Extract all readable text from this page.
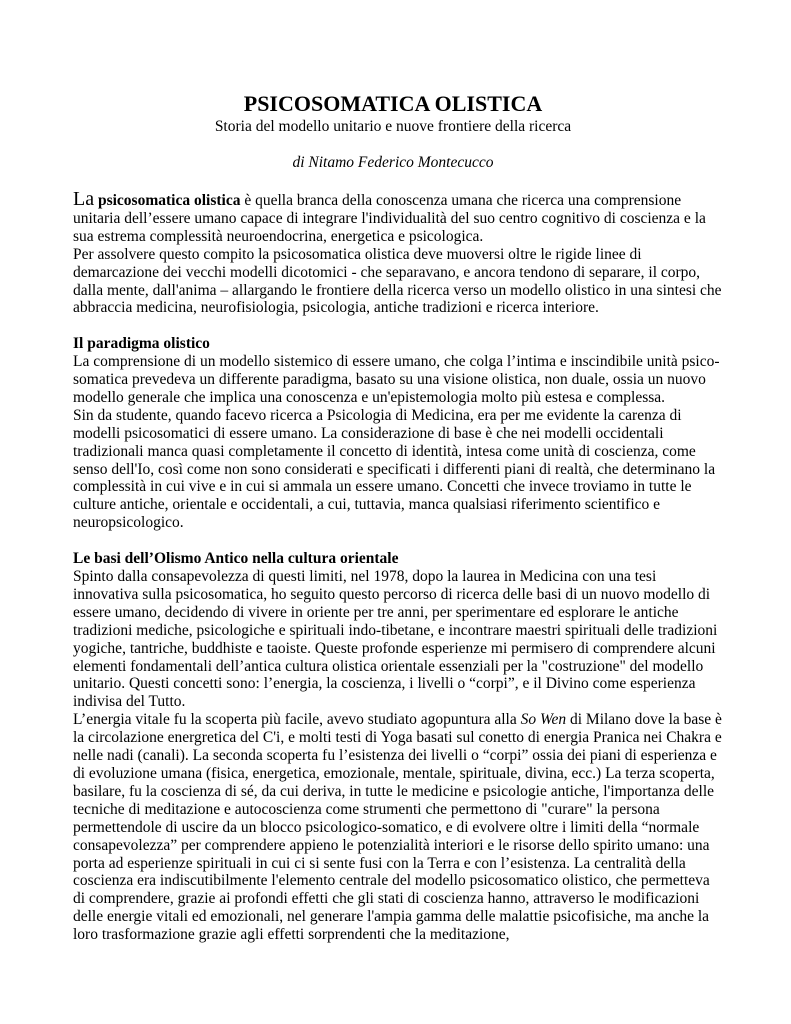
PSICOSOMATICA OLISTICA

Storia del modello unitario e nuove frontiere della ricerca

di Nitamo Federico Montecucco

La psicosomatica olistica è quella branca della conoscenza umana che ricerca una comprensione unitaria dell’essere umano capace di integrare l'individualità del suo centro cognitivo di coscienza e la sua estrema complessità neuroendocrina, energetica e psicologica.

Per assolvere questo compito la psicosomatica olistica deve muoversi oltre le rigide linee di demarcazione dei vecchi modelli dicotomici - che separavano, e ancora tendono di separare, il corpo, dalla mente, dall'anima – allargando le frontiere della ricerca verso un modello olistico in una sintesi che abbraccia medicina, neurofisiologia, psicologia, antiche tradizioni e ricerca interiore.

Il paradigma olistico

La comprensione di un modello sistemico di essere umano, che colga l’intima e inscindibile unità psico-somatica prevedeva un differente paradigma, basato su una visione olistica, non duale, ossia un nuovo modello generale che implica una conoscenza e un'epistemologia molto più estesa e complessa.

Sin da studente, quando facevo ricerca a Psicologia di Medicina, era per me evidente la carenza di modelli psicosomatici di essere umano. La considerazione di base è che nei modelli occidentali tradizionali manca quasi completamente il concetto di identità, intesa come unità di coscienza, come senso dell'Io, così come non sono considerati e specificati i differenti piani di realtà, che determinano la complessità in cui vive e in cui si ammala un essere umano. Concetti che invece troviamo in tutte le culture antiche, orientale e occidentali, a cui, tuttavia, manca qualsiasi riferimento scientifico e neuropsicologico.

Le basi dell’Olismo Antico nella cultura orientale

Spinto dalla consapevolezza di questi limiti, nel 1978, dopo la laurea in Medicina con una tesi innovativa sulla psicosomatica, ho seguito questo percorso di ricerca delle basi di un nuovo modello di essere umano, decidendo di vivere in oriente per tre anni, per sperimentare ed esplorare le antiche tradizioni mediche, psicologiche e spirituali indo-tibetane, e incontrare maestri spirituali delle tradizioni yogiche, tantriche, buddhiste e taoiste. Queste profonde esperienze mi permisero di comprendere alcuni elementi fondamentali dell’antica cultura olistica orientale essenziali per la "costruzione" del modello unitario. Questi concetti sono: l’energia, la coscienza, i livelli o “corpi”, e il Divino come esperienza indivisa del Tutto.

L’energia vitale fu la scoperta più facile, avevo studiato agopuntura alla So Wen di Milano dove la base è la circolazione energretica del C'i, e molti testi di Yoga basati sul conetto di energia Pranica nei Chakra e nelle nadi (canali). La seconda scoperta fu l’esistenza dei livelli o “corpi” ossia dei piani di esperienza e di evoluzione umana (fisica, energetica, emozionale, mentale, spirituale, divina, ecc.) La terza scoperta, basilare, fu la coscienza di sé, da cui deriva, in tutte le medicine e psicologie antiche, l'importanza delle tecniche di meditazione e autocoscienza come strumenti che permettono di "curare" la persona permettendole di uscire da un blocco psicologico-somatico, e di evolvere oltre i limiti della “normale consapevolezza” per comprendere appieno le potenzialità interiori e le risorse dello spirito umano: una porta ad esperienze spirituali in cui ci si sente fusi con la Terra e con l’esistenza. La centralità della coscienza era indiscutibilmente l'elemento centrale del modello psicosomatico olistico, che permetteva di comprendere, grazie ai profondi effetti che gli stati di coscienza hanno, attraverso le modificazioni delle energie vitali ed emozionali, nel generare l'ampia gamma delle malattie psicofisiche, ma anche la loro trasformazione grazie agli effetti sorprendenti che la meditazione,
